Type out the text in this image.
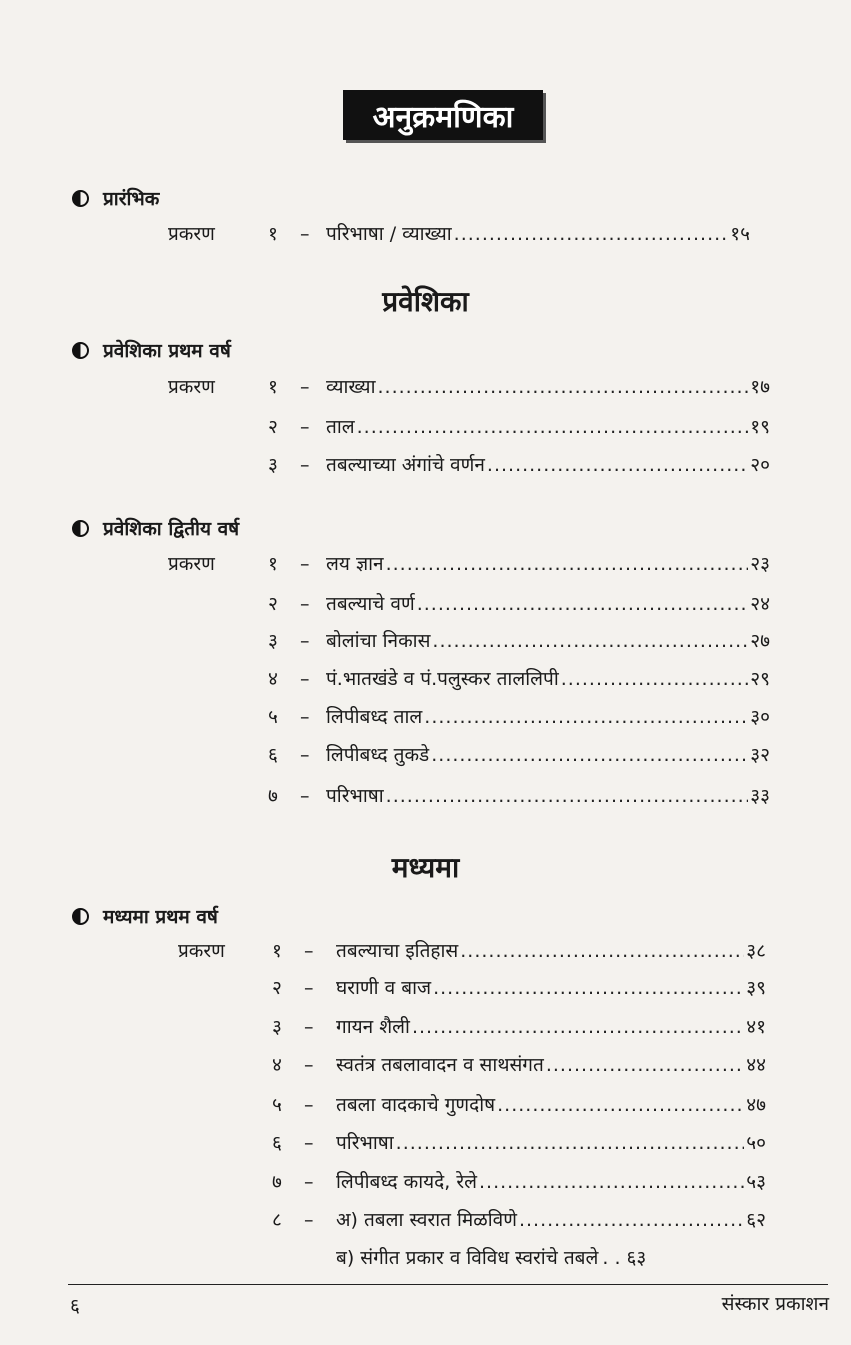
अनुक्रमणिका
प्रारंभिक
प्रकरण	१ – परिभाषा / व्याख्या .....	१५
प्रवेशिका
प्रवेशिका प्रथम वर्ष
प्रकरण	१ – व्याख्या .....	१७
२ – ताल .....	१९
३ – तबल्याच्या अंगांचे वर्णन .....	२०
प्रवेशिका द्वितीय वर्ष
प्रकरण	१ – लय ज्ञान .....	२३
२ – तबल्याचे वर्ण .....	२४
३ – बोलांचा निकास .....	२७
४ – पं.भातखंडे व पं.पलुस्कर ताललिपी .....	२९
५ – लिपीबध्द ताल .....	३०
६ – लिपीबध्द तुकडे .....	३२
७ – परिभाषा .....	३३
मध्यमा
मध्यमा प्रथम वर्ष
प्रकरण १ – तबल्याचा इतिहास .....	३८
२ – घराणी व बाज .....	३९
३ – गायन शैली .....	४१
४ – स्वतंत्र तबलावादन व साथसंगत .....	४४
५ – तबला वादकाचे गुणदोष .....	४७
६ – परिभाषा .....	५०
७ – लिपीबध्द कायदे, रेले .....	५३
८ – अ) तबला स्वरात मिळविणे .....	६२
ब) संगीत प्रकार व विविध स्वरांचे तबले . . ६३
६	संस्कार प्रकाशन
